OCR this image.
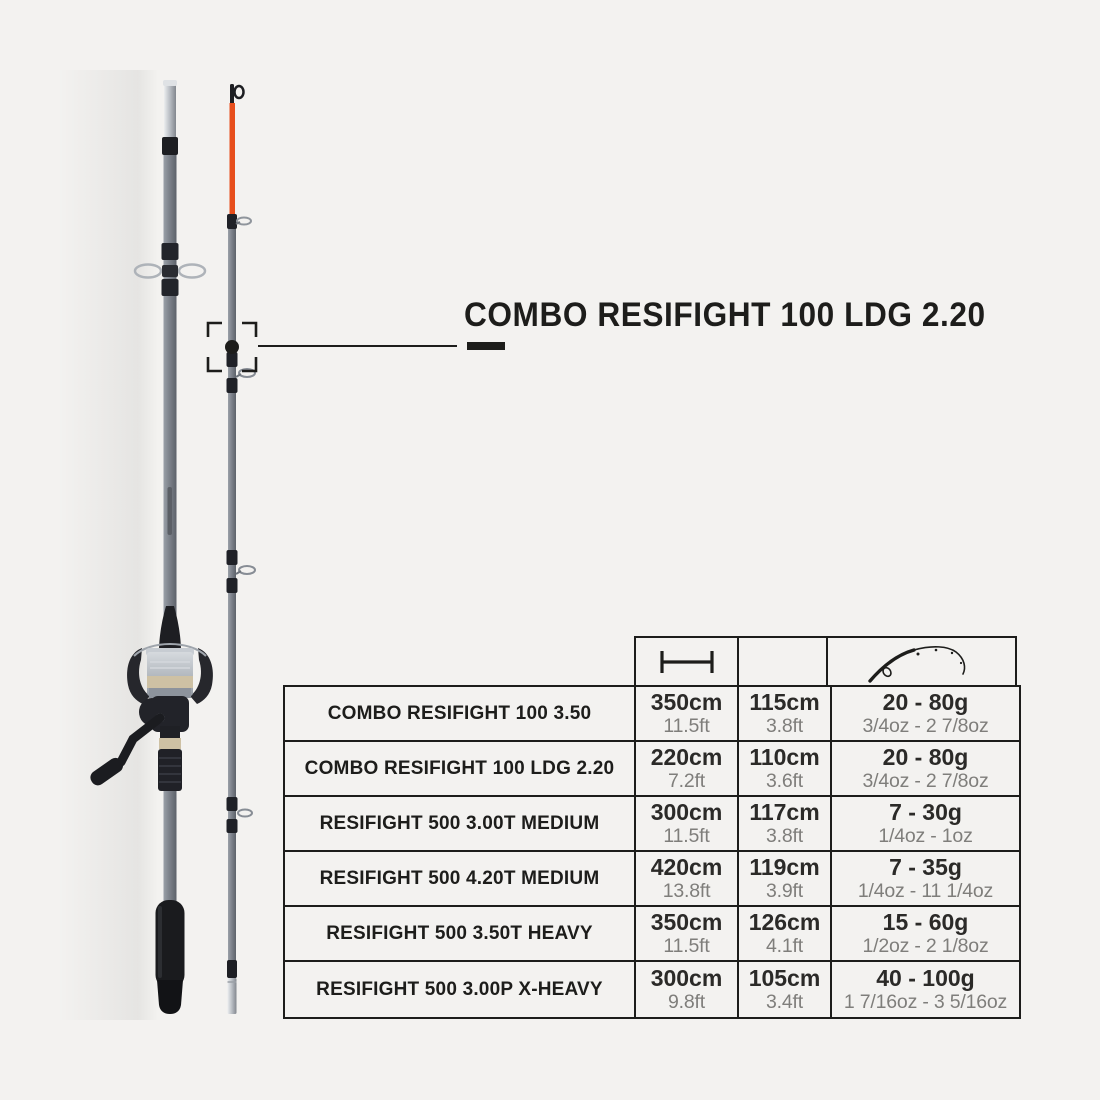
COMBO RESIFIGHT 100 LDG 2.20
COMBO RESIFIGHT 100 3.50	350cm
11.5ft
115cm
3.8ft
20 - 80g
3/4oz - 2 7/8oz
COMBO RESIFIGHT 100 LDG 2.20 220cm
7.2ft
110cm
3.6ft
20 - 80g
3/4oz - 2 7/8oz
RESIFIGHT 500 3.00T MEDIUM 300cm
11.5ft
117cm
3.8ft
7 - 30g
1/4oz - 1oz
RESIFIGHT 500 4.20T MEDIUM 420cm
13.8ft
119cm
3.9ft
7 - 35g
1/4oz - 11 1/4oz
RESIFIGHT 500 3.50T HEAVY	350cm
11.5ft
126cm
4.1ft
15 - 60g
1/2oz - 2 1/8oz
RESIFIGHT 500 3.00P X-HEAVY 300cm
9.8ft
105cm
3.4ft
40 - 100g
1 7/16oz - 3 5/16oz
